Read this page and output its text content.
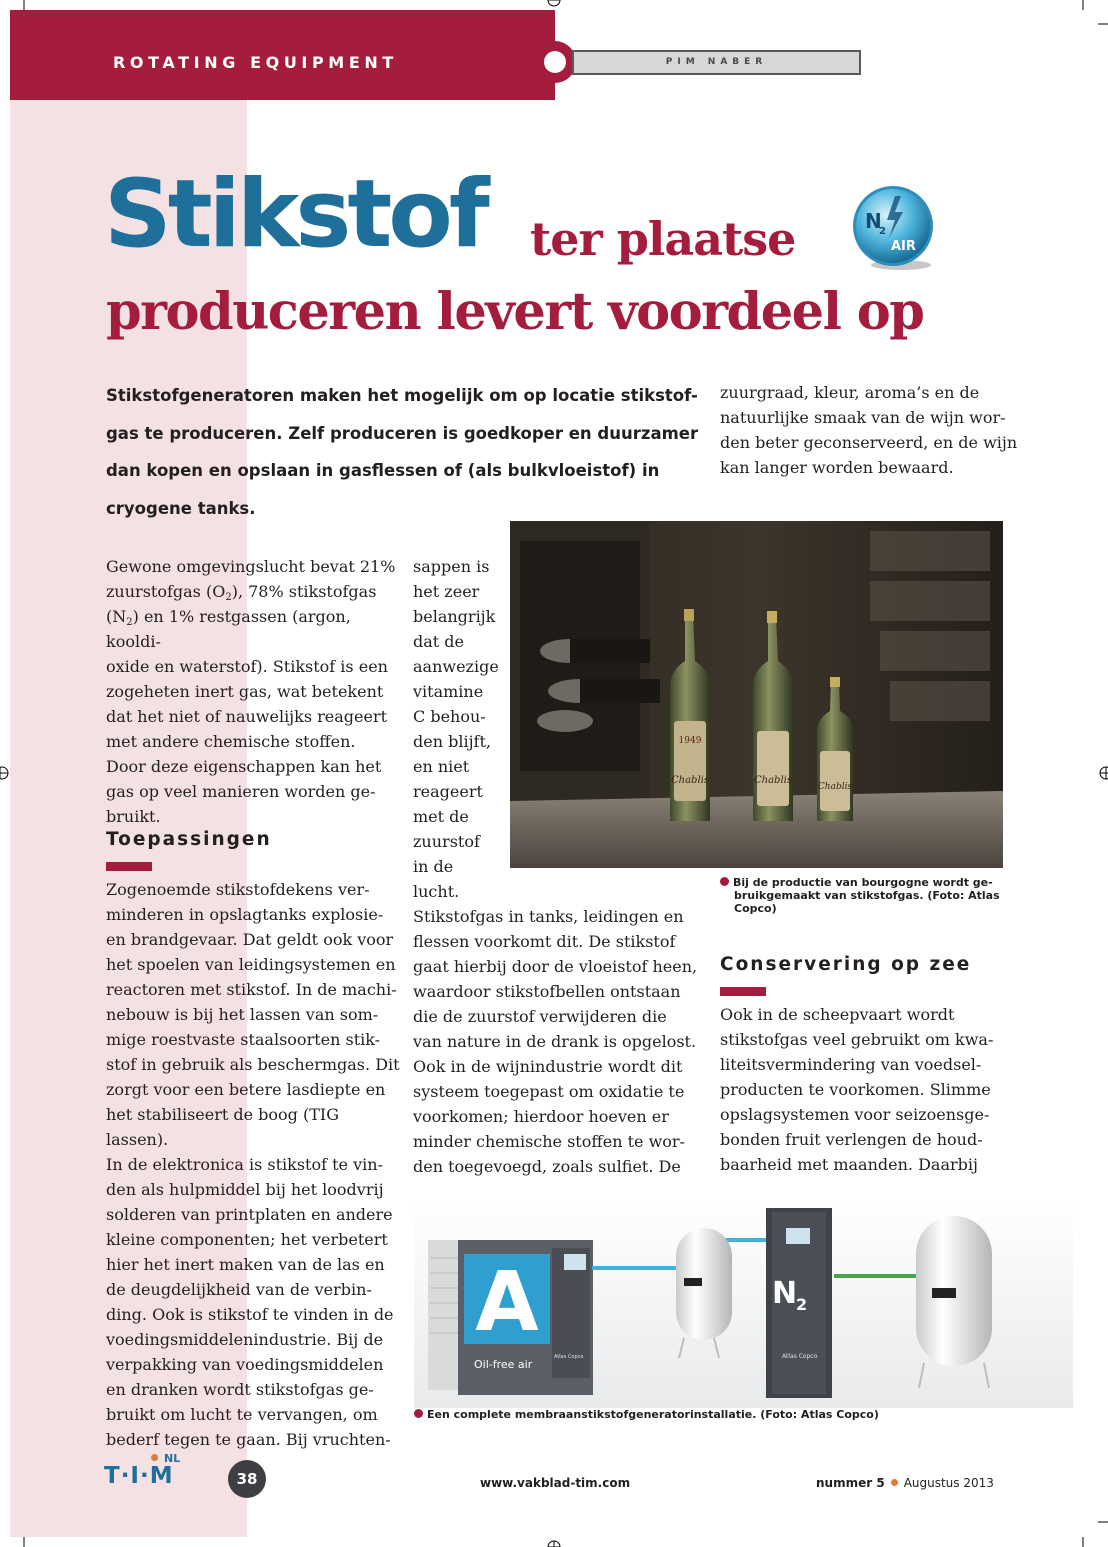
ROTATING EQUIPMENT	PIM NABER
Stikstof ter plaatse
produceren levert voordeel op
N
2
AIR
Stikstofgeneratoren maken het mogelijk om op locatie stikstof-
gas te produceren. Zelf produceren is goedkoper en duurzamer
dan kopen en opslaan in gasflessen of (als bulkvloeistof) in
cryogene tanks.
zuurgraad, kleur, aroma’s en de
natuurlijke smaak van de wijn wor-
den beter geconserveerd, en de wijn
kan langer worden bewaard.
Gewone omgevingslucht bevat 21%
zuurstofgas $(O_2)$, 78% stikstofgas
$(N_2)$ en 1% restgassen (argon, kooldi-
oxide en waterstof). Stikstof is een
zogeheten inert gas, wat betekent
dat het niet of nauwelijks reageert
met andere chemische stoffen.
Door deze eigenschappen kan het
gas op veel manieren worden ge-
bruikt.
Toepassingen
Zogenoemde stikstofdekens ver-
minderen in opslagtanks explosie-
en brandgevaar. Dat geldt ook voor
het spoelen van leidingsystemen en
reactoren met stikstof. In de machi-
nebouw is bij het lassen van som-
mige roestvaste staalsoorten stik-
stof in gebruik als beschermgas. Dit
zorgt voor een betere lasdiepte en
het stabiliseert de boog (TIG lassen).
In de elektronica is stikstof te vin-
den als hulpmiddel bij het loodvrij
solderen van printplaten en andere
kleine componenten; het verbetert
hier het inert maken van de las en
de deugdelijkheid van de verbin-
ding. Ook is stikstof te vinden in de
voedingsmiddelenindustrie. Bij de
verpakking van voedingsmiddelen
en dranken wordt stikstofgas ge-
bruikt om lucht te vervangen, om
bederf tegen te gaan. Bij vruchten-
sappen is
het zeer
belangrijk
dat de
aanwezige
vitamine
C behou-
den blijft,
en niet
reageert
met de
zuurstof
in de
lucht.
Stikstofgas in tanks, leidingen en
flessen voorkomt dit. De stikstof
gaat hierbij door de vloeistof heen,
waardoor stikstofbellen ontstaan
die de zuurstof verwijderen die
van nature in de drank is opgelost.
Ook in de wijnindustrie wordt dit
systeem toegepast om oxidatie te
voorkomen; hierdoor hoeven er
minder chemische stoffen te wor-
den toegevoegd, zoals sulfiet. De
1949
Chablis	Chablis
Chablis
Bij de productie van bourgogne wordt ge-
bruikgemaakt van stikstofgas. (Foto: Atlas
Copco)
Conservering op zee
Ook in de scheepvaart wordt
stikstofgas veel gebruikt om kwa-
liteitsvermindering van voedsel-
producten te voorkomen. Slimme
opslagsystemen voor seizoensge-
bonden fruit verlengen de houd-
baarheid met maanden. Daarbij
A
Oil-free air
Atlas Copco
N
2
Atlas Copco
Een complete membraanstikstofgeneratorinstallatie. (Foto: Atlas Copco)
T·I·M
NL
38	www.vakblad-tim.com	nummer 5 Augustus 2013
